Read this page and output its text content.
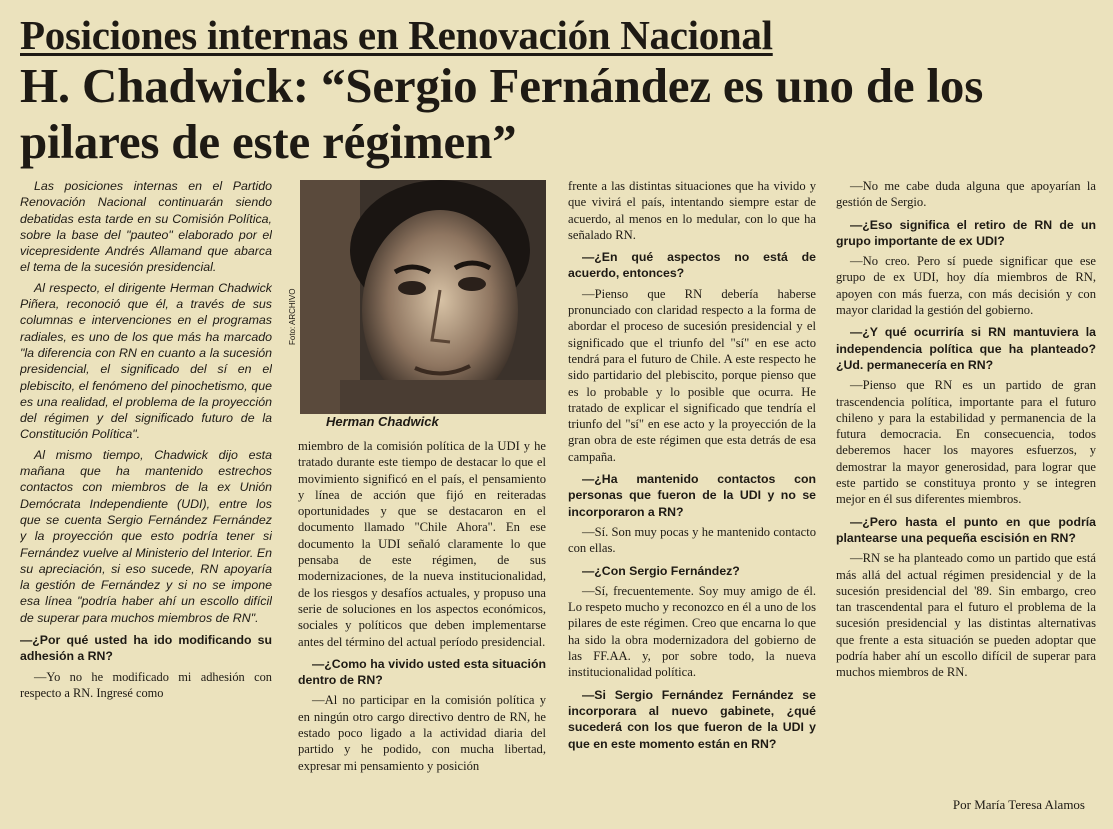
Posiciones internas en Renovación Nacional
H. Chadwick: “Sergio Fernández es uno de los pilares de este régimen”

Las posiciones internas en el Partido Renovación Nacional continuarán siendo debatidas esta tarde en su Comisión Política, sobre la base del "pauteo" elaborado por el vicepresidente Andrés Allamand que abarca el tema de la sucesión presidencial.

Al respecto, el dirigente Herman Chadwick Piñera, reconoció que él, a través de sus columnas e intervenciones en el programas radiales, es uno de los que más ha marcado "la diferencia con RN en cuanto a la sucesión presidencial, el significado del sí en el plebiscito, el fenómeno del pinochetismo, que es una realidad, el problema de la proyección del régimen y del significado futuro de la Constitución Política".

Al mismo tiempo, Chadwick dijo esta mañana que ha mantenido estrechos contactos con miembros de la ex Unión Demócrata Independiente (UDI), entre los que se cuenta Sergio Fernández Fernández y la proyección que esto podría tener si Fernández vuelve al Ministerio del Interior. En su apreciación, si eso sucede, RN apoyaría la gestión de Fernández y si no se impone esa línea "podría haber ahí un escollo difícil de superar para muchos miembros de RN".

—¿Por qué usted ha ido modificando su adhesión a RN?

—Yo no he modificado mi adhesión con respecto a RN. Ingresé como

Foto: ARCHIVO
Herman Chadwick

miembro de la comisión política de la UDI y he tratado durante este tiempo de destacar lo que el movimiento significó en el país, el pensamiento y línea de acción que fijó en reiteradas oportunidades y que se destacaron en el documento llamado "Chile Ahora". En ese documento la UDI señaló claramente lo que pensaba de este régimen, de sus modernizaciones, de la nueva institucionalidad, de los riesgos y desafíos actuales, y propuso una serie de soluciones en los aspectos económicos, sociales y políticos que deben implementarse antes del término del actual período presidencial.

—¿Como ha vivido usted esta situación dentro de RN?

—Al no participar en la comisión política y en ningún otro cargo directivo dentro de RN, he estado poco ligado a la actividad diaria del partido y he podido, con mucha libertad, expresar mi pensamiento y posición

frente a las distintas situaciones que ha vivido y que vivirá el país, intentando siempre estar de acuerdo, al menos en lo medular, con lo que ha señalado RN.

—¿En qué aspectos no está de acuerdo, entonces?

—Pienso que RN debería haberse pronunciado con claridad respecto a la forma de abordar el proceso de sucesión presidencial y el significado que el triunfo del "sí" en ese acto tendrá para el futuro de Chile. A este respecto he sido partidario del plebiscito, porque pienso que es lo probable y lo posible que ocurra. He tratado de explicar el significado que tendría el triunfo del "sí" en ese acto y la proyección de la gran obra de este régimen que esta detrás de esa campaña.

—¿Ha mantenido contactos con personas que fueron de la UDI y no se incorporaron a RN?

—Sí. Son muy pocas y he mantenido contacto con ellas.

—¿Con Sergio Fernández?

—Sí, frecuentemente. Soy muy amigo de él. Lo respeto mucho y reconozco en él a uno de los pilares de este régimen. Creo que encarna lo que ha sido la obra modernizadora del gobierno de las FF.AA. y, por sobre todo, la nueva institucionalidad política.

—Si Sergio Fernández Fernández se incorporara al nuevo gabinete, ¿qué sucederá con los que fueron de la UDI y que en este momento están en RN?

—No me cabe duda alguna que apoyarían la gestión de Sergio.

—¿Eso significa el retiro de RN de un grupo importante de ex UDI?

—No creo. Pero sí puede significar que ese grupo de ex UDI, hoy día miembros de RN, apoyen con más fuerza, con más decisión y con mayor claridad la gestión del gobierno.

—¿Y qué ocurriría si RN mantuviera la independencia política que ha planteado? ¿Ud. permanecería en RN?

—Pienso que RN es un partido de gran trascendencia política, importante para el futuro chileno y para la estabilidad y permanencia de la futura democracia. En consecuencia, todos deberemos hacer los mayores esfuerzos, y demostrar la mayor generosidad, para lograr que este partido se constituya pronto y se integren mejor en él sus diferentes miembros.

—¿Pero hasta el punto en que podría plantearse una pequeña escisión en RN?

—RN se ha planteado como un partido que está más allá del actual régimen presidencial y de la sucesión presidencial del '89. Sin embargo, creo tan trascendental para el futuro el problema de la sucesión presidencial y las distintas alternativas que frente a esta situación se pueden adoptar que podría haber ahí un escollo difícil de superar para muchos miembros de RN.

Por María Teresa Alamos
